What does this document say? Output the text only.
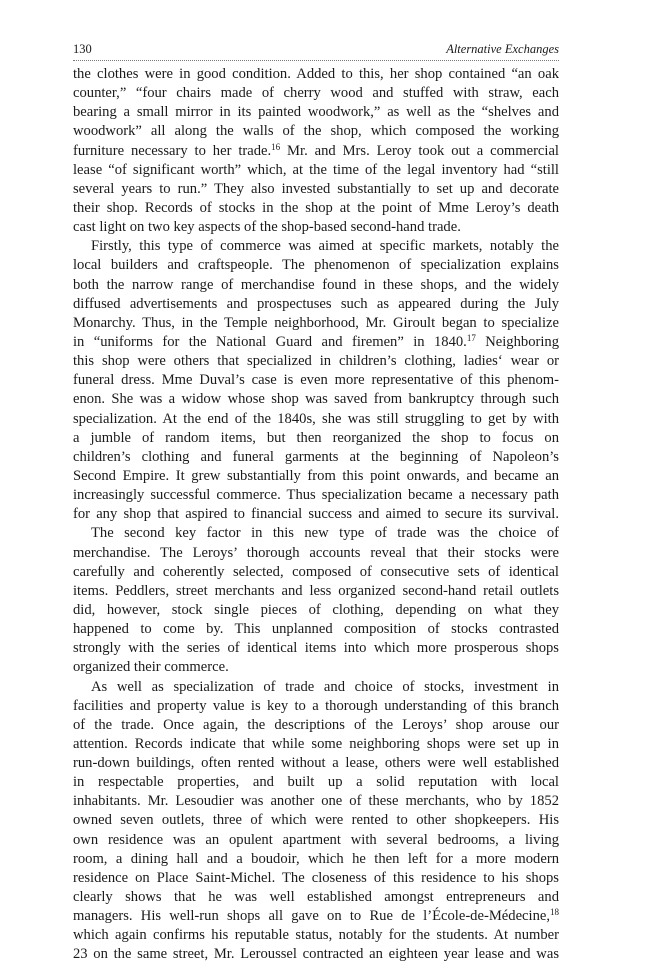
130	Alternative Exchanges
the clothes were in good condition. Added to this, her shop contained “an oak
counter,” “four chairs made of cherry wood and stuffed with straw, each
bearing a small mirror in its painted woodwork,” as well as the “shelves and
woodwork” all along the walls of the shop, which composed the working
furniture necessary to her trade.$^{16}$ Mr. and Mrs. Leroy took out a commercial
lease “of significant worth” which, at the time of the legal inventory had “still
several years to run.” They also invested substantially to set up and decorate
their shop. Records of stocks in the shop at the point of Mme Leroy’s death
cast light on two key aspects of the shop-based second-hand trade.
Firstly, this type of commerce was aimed at specific markets, notably the
local builders and craftspeople. The phenomenon of specialization explains
both the narrow range of merchandise found in these shops, and the widely
diffused advertisements and prospectuses such as appeared during the July
Monarchy. Thus, in the Temple neighborhood, Mr. Giroult began to specialize
in “uniforms for the National Guard and firemen” in 1840.17 Neighboring
this shop were others that specialized in children’s clothing, ladies‘ wear or
funeral dress. Mme Duval’s case is even more representative of this phenom-
enon. She was a widow whose shop was saved from bankruptcy through such
specialization. At the end of the 1840s, she was still struggling to get by with
a jumble of random items, but then reorganized the shop to focus on
children’s clothing and funeral garments at the beginning of Napoleon’s
Second Empire. It grew substantially from this point onwards, and became an
increasingly successful commerce. Thus specialization became a necessary path
for any shop that aspired to financial success and aimed to secure its survival.
The second key factor in this new type of trade was the choice of
merchandise. The Leroys’ thorough accounts reveal that their stocks were
carefully and coherently selected, composed of consecutive sets of identical
items. Peddlers, street merchants and less organized second-hand retail outlets
did, however, stock single pieces of clothing, depending on what they
happened to come by. This unplanned composition of stocks contrasted
strongly with the series of identical items into which more prosperous shops
organized their commerce.
As well as specialization of trade and choice of stocks, investment in
facilities and property value is key to a thorough understanding of this branch
of the trade. Once again, the descriptions of the Leroys’ shop arouse our
attention. Records indicate that while some neighboring shops were set up in
run-down buildings, often rented without a lease, others were well established
in respectable properties, and built up a solid reputation with local
inhabitants. Mr. Lesoudier was another one of these merchants, who by 1852
owned seven outlets, three of which were rented to other shopkeepers. His
own residence was an opulent apartment with several bedrooms, a living
room, a dining hall and a boudoir, which he then left for a more modern
residence on Place Saint-Michel. The closeness of this residence to his shops
clearly shows that he was well established amongst entrepreneurs and
managers. His well-run shops all gave on to Rue de l’École-de-Médecine,$^{18}$
which again confirms his reputable status, notably for the students. At number
23 on the same street, Mr. Leroussel contracted an eighteen year lease and was
